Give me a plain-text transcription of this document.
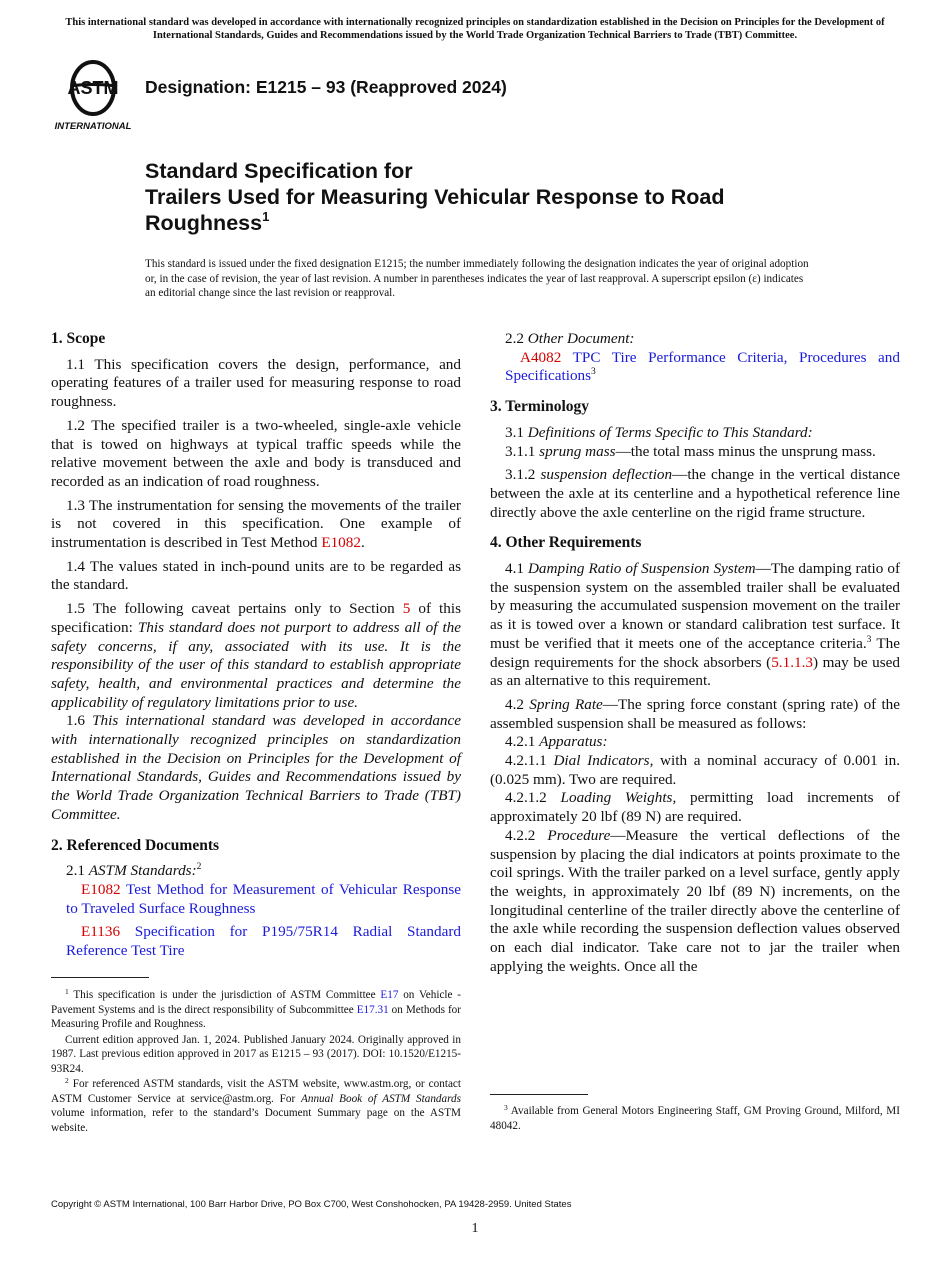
This international standard was developed in accordance with internationally recognized principles on standardization established in the Decision on Principles for the Development of International Standards, Guides and Recommendations issued by the World Trade Organization Technical Barriers to Trade (TBT) Committee.
ASTM
INTERNATIONAL
Designation: E1215 – 93 (Reapproved 2024)
Standard Specification for
Trailers Used for Measuring Vehicular Response to Road Roughness$^1$
This standard is issued under the fixed designation E1215; the number immediately following the designation indicates the year of original adoption or, in the case of revision, the year of last revision. A number in parentheses indicates the year of last reapproval. A superscript epsilon (ε) indicates an editorial change since the last revision or reapproval.
1. Scope

1.1 This specification covers the design, performance, and operating features of a trailer used for measuring response to road roughness.

1.2 The specified trailer is a two-wheeled, single-axle vehicle that is towed on highways at typical traffic speeds while the relative movement between the axle and body is transduced and recorded as an indication of road roughness.

1.3 The instrumentation for sensing the movements of the trailer is not covered in this specification. One example of instrumentation is described in Test Method E1082.

1.4 The values stated in inch-pound units are to be regarded as the standard.

1.5 The following caveat pertains only to Section 5 of this specification: This standard does not purport to address all of the safety concerns, if any, associated with its use. It is the responsibility of the user of this standard to establish appropriate safety, health, and environmental practices and determine the applicability of regulatory limitations prior to use.

1.6 This international standard was developed in accordance with internationally recognized principles on standardization established in the Decision on Principles for the Development of International Standards, Guides and Recommendations issued by the World Trade Organization Technical Barriers to Trade (TBT) Committee.

2. Referenced Documents

2.1 ASTM Standards:$^2$

E1082 Test Method for Measurement of Vehicular Response to Traveled Surface Roughness

E1136 Specification for P195/75R14 Radial Standard Reference Test Tire

2.2 Other Document:

A4082 TPC Tire Performance Criteria, Procedures and Specifications$^3$

3. Terminology

3.1 Definitions of Terms Specific to This Standard:

3.1.1 sprung mass—the total mass minus the unsprung mass.

3.1.2 suspension deflection—the change in the vertical distance between the axle at its centerline and a hypothetical reference line directly above the axle centerline on the rigid frame structure.

4. Other Requirements

4.1 Damping Ratio of Suspension System—The damping ratio of the suspension system on the assembled trailer shall be evaluated by measuring the accumulated suspension movement on the trailer as it is towed over a known or standard calibration test surface. It must be verified that it meets one of the acceptance criteria.$^3$ The design requirements for the shock absorbers (5.1.1.3) may be used as an alternative to this requirement.

4.2 Spring Rate—The spring force constant (spring rate) of the assembled suspension shall be measured as follows:

4.2.1 Apparatus:

4.2.1.1 Dial Indicators, with a nominal accuracy of 0.001 in. (0.025 mm). Two are required.

4.2.1.2 Loading Weights, permitting load increments of approximately 20 lbf (89 N) are required.

4.2.2 Procedure—Measure the vertical deflections of the suspension by placing the dial indicators at points proximate to the coil springs. With the trailer parked on a level surface, gently apply the weights, in approximately 20 lbf (89 N) increments, on the longitudinal centerline of the trailer directly above the centerline of the axle while recording the suspension deflection values observed on each dial indicator. Take care not to jar the trailer when applying the weights. Once all the

$^1$ This specification is under the jurisdiction of ASTM Committee E17 on Vehicle - Pavement Systems and is the direct responsibility of Subcommittee E17.31 on Methods for Measuring Profile and Roughness.

Current edition approved Jan. 1, 2024. Published January 2024. Originally approved in 1987. Last previous edition approved in 2017 as E1215 – 93 (2017). DOI: 10.1520/E1215-93R24.

$^2$ For referenced ASTM standards, visit the ASTM website, www.astm.org, or contact ASTM Customer Service at service@astm.org. For Annual Book of ASTM Standards volume information, refer to the standard’s Document Summary page on the ASTM website.

$^3$ Available from General Motors Engineering Staff, GM Proving Ground, Milford, MI 48042.

Copyright © ASTM International, 100 Barr Harbor Drive, PO Box C700, West Conshohocken, PA 19428-2959. United States
1
